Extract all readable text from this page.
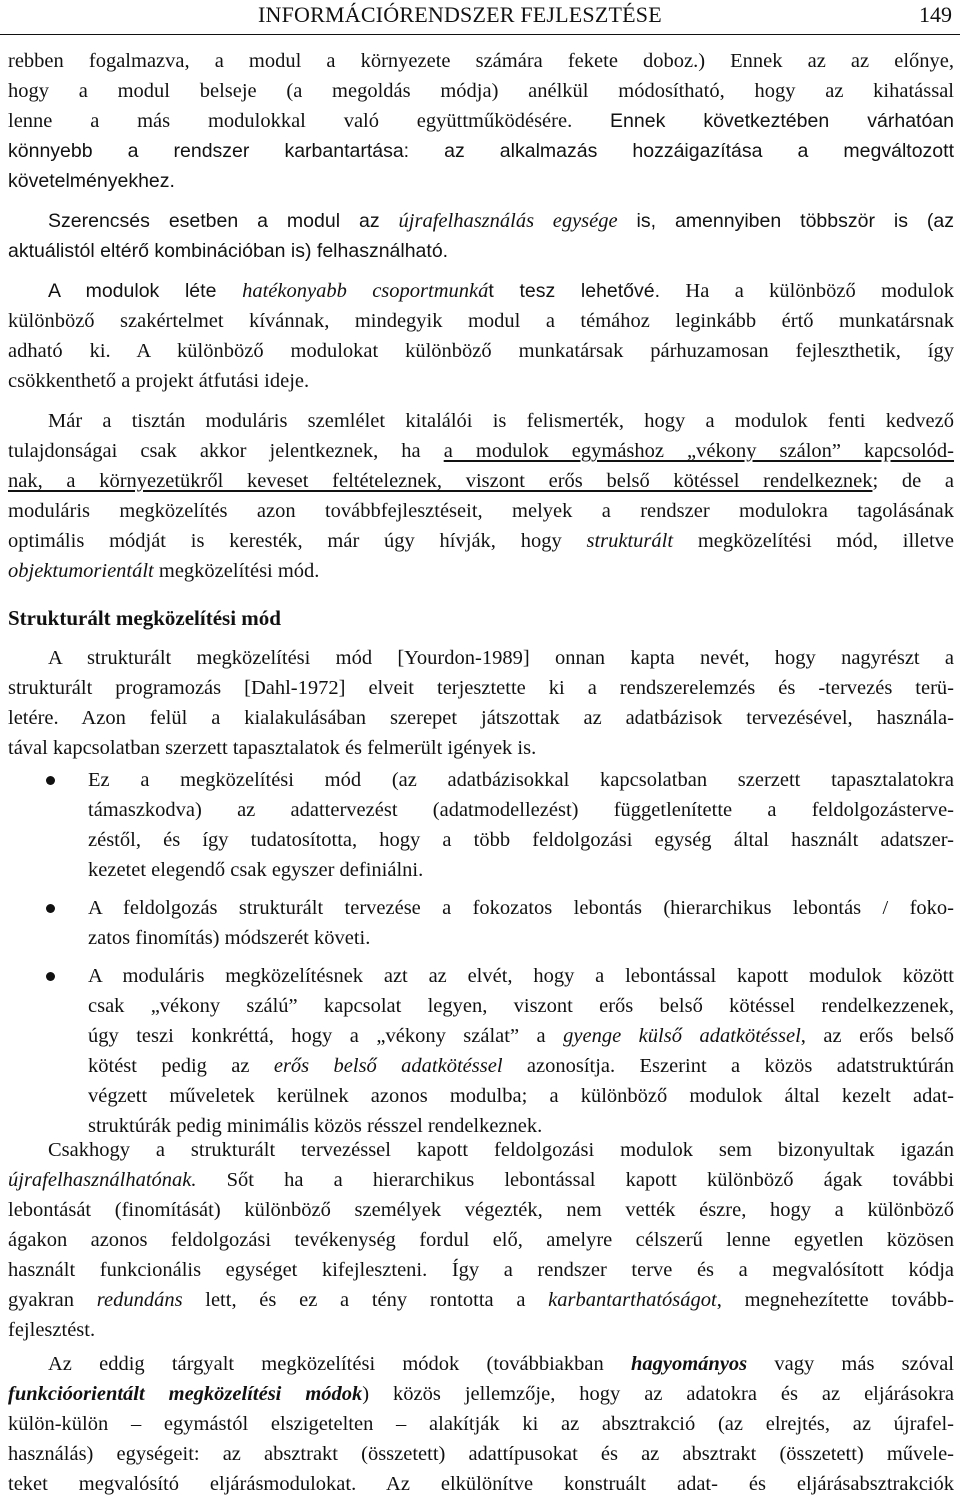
INFORMÁCIÓRENDSZER FEJLESZTÉSE	149
rebben fogalmazva, a modul a környezete számára fekete doboz.) Ennek az az előnye,
hogy a modul belseje (a megoldás módja) anélkül módosítható, hogy az kihatással
lenne a más modulokkal való együttműködésére. Ennek következtében várhatóan
könnyebb a rendszer karbantartása: az alkalmazás hozzáigazítása a megváltozott
követelményekhez.
Szerencsés esetben a modul az újrafelhasználás egysége is, amennyiben többször is (az
aktuálistól eltérő kombinációban is) felhasználható.
A modulok léte hatékonyabb csoportmunkát tesz lehetővé. Ha a különböző modulok
különböző szakértelmet kívánnak, mindegyik modul a témához leginkább értő munkatársnak
adható ki. A különböző modulokat különböző munkatársak párhuzamosan fejleszthetik, így
csökkenthető a projekt átfutási ideje.
Már a tisztán moduláris szemlélet kitalálói is felismerték, hogy a modulok fenti kedvező
tulajdonságai csak akkor jelentkeznek, ha a modulok egymáshoz „vékony szálon” kapcsolód-
nak, a környezetükről keveset feltételeznek, viszont erős belső kötéssel rendelkeznek; de a
moduláris megközelítés azon továbbfejlesztéseit, melyek a rendszer modulokra tagolásának
optimális módját is keresték, már úgy hívják, hogy strukturált megközelítési mód, illetve
objektumorientált megközelítési mód.
Strukturált megközelítési mód
A strukturált megközelítési mód [Yourdon-1989] onnan kapta nevét, hogy nagyrészt a
strukturált programozás [Dahl-1972] elveit terjesztette ki a rendszerelemzés és -tervezés terü-
letére. Azon felül a kialakulásában szerepet játszottak az adatbázisok tervezésével, használa-
tával kapcsolatban szerzett tapasztalatok és felmerült igények is.
Ez a megközelítési mód (az adatbázisokkal kapcsolatban szerzett tapasztalatokra
támaszkodva) az adattervezést (adatmodellezést) függetlenítette a feldolgozásterve-
zéstől, és így tudatosította, hogy a több feldolgozási egység által használt adatszer-
kezetet elegendő csak egyszer definiálni.
A feldolgozás strukturált tervezése a fokozatos lebontás (hierarchikus lebontás / foko-
zatos finomítás) módszerét követi.
A moduláris megközelítésnek azt az elvét, hogy a lebontással kapott modulok között
csak „vékony szálú” kapcsolat legyen, viszont erős belső kötéssel rendelkezzenek,
úgy teszi konkréttá, hogy a „vékony szálat” a gyenge külső adatkötéssel, az erős belső
kötést pedig az erős belső adatkötéssel azonosítja. Eszerint a közös adatstruktúrán
végzett műveletek kerülnek azonos modulba; a különböző modulok által kezelt adat-
struktúrák pedig minimális közös résszel rendelkeznek.
Csakhogy a strukturált tervezéssel kapott feldolgozási modulok sem bizonyultak igazán
újrafelhasználhatónak. Sőt ha a hierarchikus lebontással kapott különböző ágak további
lebontását (finomítását) különböző személyek végezték, nem vették észre, hogy a különböző
ágakon azonos feldolgozási tevékenység fordul elő, amelyre célszerű lenne egyetlen közösen
használt funkcionális egységet kifejleszteni. Így a rendszer terve és a megvalósított kódja
gyakran redundáns lett, és ez a tény rontotta a karbantarthatóságot, megnehezítette tovább-
fejlesztést.
Az eddig tárgyalt megközelítési módok (továbbiakban hagyományos vagy más szóval
funkcióorientált megközelítési módok) közös jellemzője, hogy az adatokra és az eljárásokra
külön-külön – egymástól elszigetelten – alakítják ki az absztrakció (az elrejtés, az újrafel-
használás) egységeit: az absztrakt (összetett) adattípusokat és az absztrakt (összetett) művele-
teket megvalósító eljárásmodulokat. Az elkülönítve konstruált adat- és eljárásabsztrakciók
